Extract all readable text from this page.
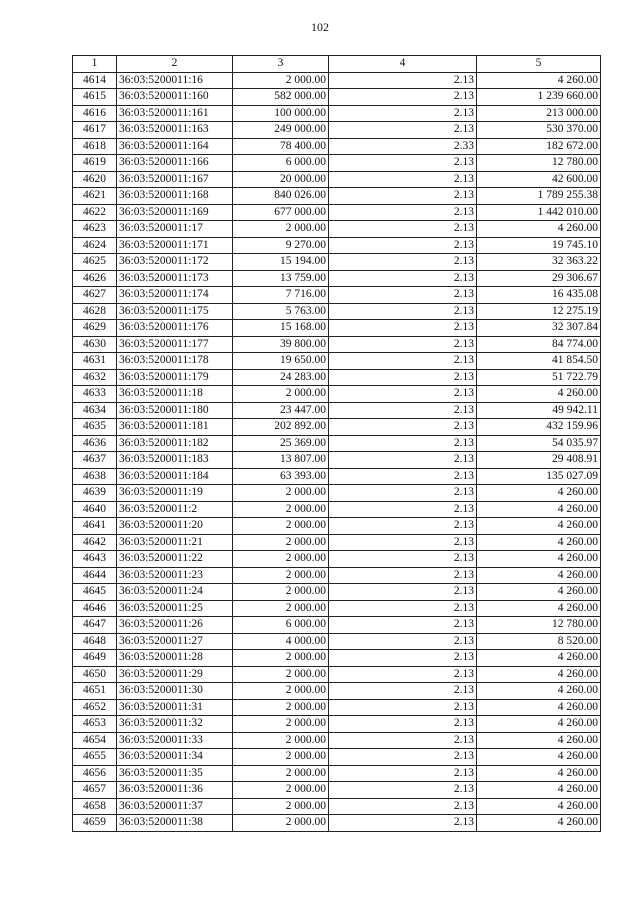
102
1	2	3	4	5
4614	36:03:5200011:16	2 000.00	2.13	4 260.00
4615	36:03:5200011:160	582 000.00	2.13	1 239 660.00
4616	36:03:5200011:161	100 000.00	2.13	213 000.00
4617	36:03:5200011:163	249 000.00	2.13	530 370.00
4618	36:03:5200011:164	78 400.00	2.33	182 672.00
4619	36:03:5200011:166	6 000.00	2.13	12 780.00
4620	36:03:5200011:167	20 000.00	2.13	42 600.00
4621	36:03:5200011:168	840 026.00	2.13	1 789 255.38
4622	36:03:5200011:169	677 000.00	2.13	1 442 010.00
4623	36:03:5200011:17	2 000.00	2.13	4 260.00
4624	36:03:5200011:171	9 270.00	2.13	19 745.10
4625	36:03:5200011:172	15 194.00	2.13	32 363.22
4626	36:03:5200011:173	13 759.00	2.13	29 306.67
4627	36:03:5200011:174	7 716.00	2.13	16 435.08
4628	36:03:5200011:175	5 763.00	2.13	12 275.19
4629	36:03:5200011:176	15 168.00	2.13	32 307.84
4630	36:03:5200011:177	39 800.00	2.13	84 774.00
4631	36:03:5200011:178	19 650.00	2.13	41 854.50
4632	36:03:5200011:179	24 283.00	2.13	51 722.79
4633	36:03:5200011:18	2 000.00	2.13	4 260.00
4634	36:03:5200011:180	23 447.00	2.13	49 942.11
4635	36:03:5200011:181	202 892.00	2.13	432 159.96
4636	36:03:5200011:182	25 369.00	2.13	54 035.97
4637	36:03:5200011:183	13 807.00	2.13	29 408.91
4638	36:03:5200011:184	63 393.00	2.13	135 027.09
4639	36:03:5200011:19	2 000.00	2.13	4 260.00
4640	36:03:5200011:2	2 000.00	2.13	4 260.00
4641	36:03:5200011:20	2 000.00	2.13	4 260.00
4642	36:03:5200011:21	2 000.00	2.13	4 260.00
4643	36:03:5200011:22	2 000.00	2.13	4 260.00
4644	36:03:5200011:23	2 000.00	2.13	4 260.00
4645	36:03:5200011:24	2 000.00	2.13	4 260.00
4646	36:03:5200011:25	2 000.00	2.13	4 260.00
4647	36:03:5200011:26	6 000.00	2.13	12 780.00
4648	36:03:5200011:27	4 000.00	2.13	8 520.00
4649	36:03:5200011:28	2 000.00	2.13	4 260.00
4650	36:03:5200011:29	2 000.00	2.13	4 260.00
4651	36:03:5200011:30	2 000.00	2.13	4 260.00
4652	36:03:5200011:31	2 000.00	2.13	4 260.00
4653	36:03:5200011:32	2 000.00	2.13	4 260.00
4654	36:03:5200011:33	2 000.00	2.13	4 260.00
4655	36:03:5200011:34	2 000.00	2.13	4 260.00
4656	36:03:5200011:35	2 000.00	2.13	4 260.00
4657	36:03:5200011:36	2 000.00	2.13	4 260.00
4658	36:03:5200011:37	2 000.00	2.13	4 260.00
4659	36:03:5200011:38	2 000.00	2.13	4 260.00
